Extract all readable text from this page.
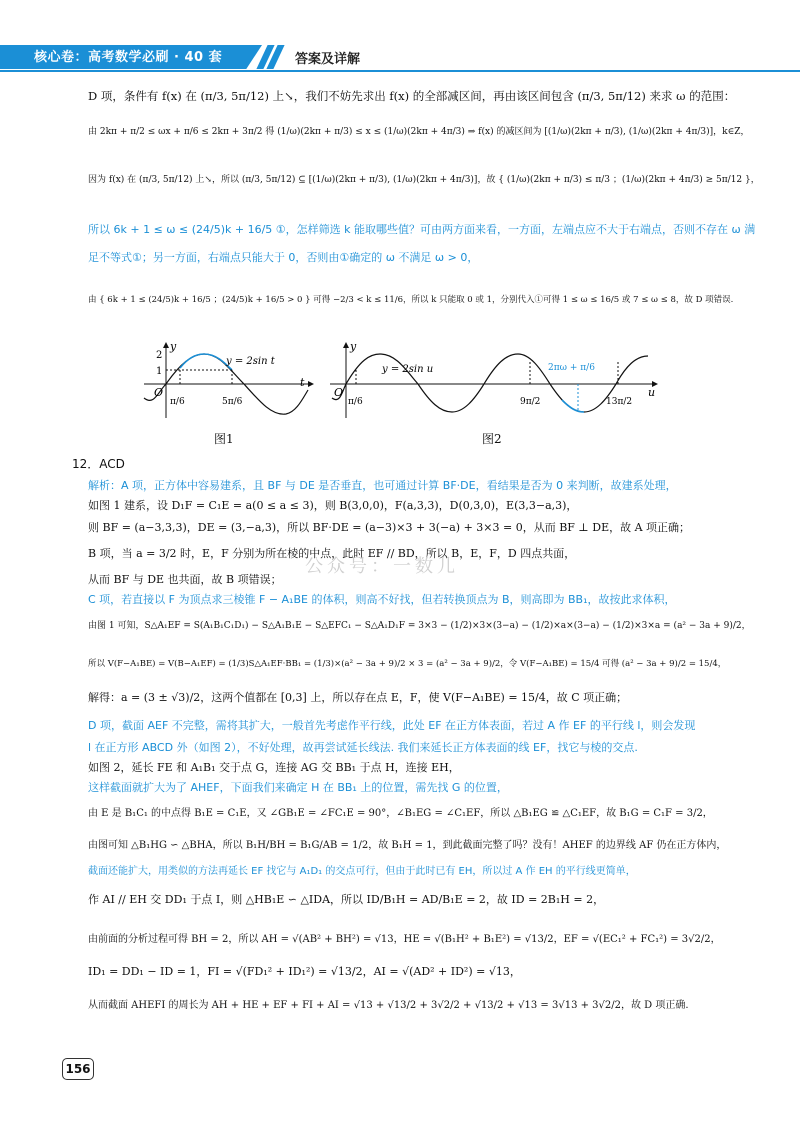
核心卷：高考数学必刷 · 40 套	答案及详解
D 项，条件有 f(x) 在 (π/3, 5π/12) 上↘，我们不妨先求出 f(x) 的全部减区间，再由该区间包含 (π/3, 5π/12) 来求 ω 的范围：
由 2kπ + π/2 ≤ ωx + π/6 ≤ 2kπ + 3π/2 得 (1/ω)(2kπ + π/3) ≤ x ≤ (1/ω)(2kπ + 4π/3) ⇒ f(x) 的减区间为 [(1/ω)(2kπ + π/3), (1/ω)(2kπ + 4π/3)]，k∈Z，
因为 f(x) 在 (π/3, 5π/12) 上↘，所以 (π/3, 5π/12) ⊆ [(1/ω)(2kπ + π/3), (1/ω)(2kπ + 4π/3)]，故 { (1/ω)(2kπ + π/3) ≤ π/3 ；(1/ω)(2kπ + 4π/3) ≥ 5π/12 }，
所以 6k + 1 ≤ ω ≤ (24/5)k + 16/5 ①，怎样筛选 k 能取哪些值？可由两方面来看，一方面，左端点应不大于右端点，否则不存在 ω 满
足不等式①；另一方面，右端点只能大于 0，否则由①确定的 ω 不满足 ω > 0，
由 { 6k + 1 ≤ (24/5)k + 16/5 ；(24/5)k + 16/5 > 0 } 可得 −2/3 < k ≤ 11/6，所以 k 只能取 0 或 1，分别代入①可得 1 ≤ ω ≤ 16/5 或 7 ≤ ω ≤ 8，故 D 项错误.
t
y
O
2
1
π/6	5π/6
y = 2sin t
图1
u
y
O
π/6	9π/2	13π/2
y = 2sin u	2πω + π/6
图2
12．ACD
解析：A 项，正方体中容易建系，且 BF 与 DE 是否垂直，也可通过计算 BF·DE，看结果是否为 0 来判断，故建系处理，
如图 1 建系，设 D₁F = C₁E = a(0 ≤ a ≤ 3)，则 B(3,0,0)，F(a,3,3)，D(0,3,0)，E(3,3−a,3)，
则 BF = (a−3,3,3)，DE = (3,−a,3)，所以 BF·DE = (a−3)×3 + 3(−a) + 3×3 = 0，从而 BF ⊥ DE，故 A 项正确；
B 项，当 a = 3/2 时，E，F 分别为所在棱的中点，此时 EF // BD，所以 B，E，F，D 四点共面，
从而 BF 与 DE 也共面，故 B 项错误；
C 项，若直接以 F 为顶点求三棱锥 F − A₁BE 的体积，则高不好找，但若转换顶点为 B，则高即为 BB₁，故按此求体积，
由图 1 可知，S△A₁EF = S(A₁B₁C₁D₁) − S△A₁B₁E − S△EFC₁ − S△A₁D₁F = 3×3 − (1/2)×3×(3−a) − (1/2)×a×(3−a) − (1/2)×3×a = (a² − 3a + 9)/2，
所以 V(F−A₁BE) = V(B−A₁EF) = (1/3)S△A₁EF·BB₁ = (1/3)×(a² − 3a + 9)/2 × 3 = (a² − 3a + 9)/2，令 V(F−A₁BE) = 15/4 可得 (a² − 3a + 9)/2 = 15/4，
解得：a = (3 ± √3)/2，这两个值都在 [0,3] 上，所以存在点 E，F，使 V(F−A₁BE) = 15/4，故 C 项正确；
D 项，截面 AEF 不完整，需将其扩大，一般首先考虑作平行线，此处 EF 在正方体表面，若过 A 作 EF 的平行线 l，则会发现
l 在正方形 ABCD 外（如图 2），不好处理，故再尝试延长线法. 我们来延长正方体表面的线 EF，找它与棱的交点.
如图 2，延长 FE 和 A₁B₁ 交于点 G，连接 AG 交 BB₁ 于点 H，连接 EH，
这样截面就扩大为了 AHEF，下面我们来确定 H 在 BB₁ 上的位置，需先找 G 的位置，
由 E 是 B₁C₁ 的中点得 B₁E = C₁E，又 ∠GB₁E = ∠FC₁E = 90°，∠B₁EG = ∠C₁EF，所以 △B₁EG ≌ △C₁EF，故 B₁G = C₁F = 3/2，
由图可知 △B₁HG ∽ △BHA，所以 B₁H/BH = B₁G/AB = 1/2，故 B₁H = 1，到此截面完整了吗？没有！AHEF 的边界线 AF 仍在正方体内，
截面还能扩大，用类似的方法再延长 EF 找它与 A₁D₁ 的交点可行，但由于此时已有 EH，所以过 A 作 EH 的平行线更简单，
作 AI // EH 交 DD₁ 于点 I，则 △HB₁E ∽ △IDA，所以 ID/B₁H = AD/B₁E = 2，故 ID = 2B₁H = 2，
由前面的分析过程可得 BH = 2，所以 AH = √(AB² + BH²) = √13，HE = √(B₁H² + B₁E²) = √13/2，EF = √(EC₁² + FC₁²) = 3√2/2，
ID₁ = DD₁ − ID = 1，FI = √(FD₁² + ID₁²) = √13/2，AI = √(AD² + ID²) = √13，
从而截面 AHEFI 的周长为 AH + HE + EF + FI + AI = √13 + √13/2 + 3√2/2 + √13/2 + √13 = 3√13 + 3√2/2，故 D 项正确.
公众号：一数儿
156
